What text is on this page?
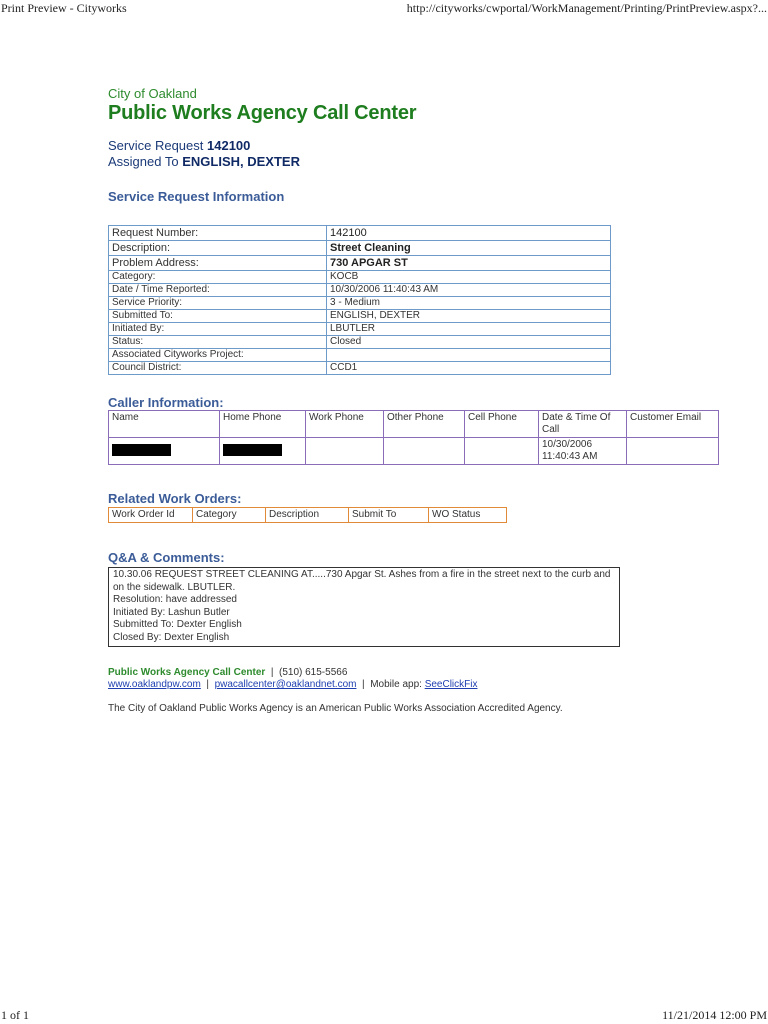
Print Preview - Cityworks	http://cityworks/cwportal/WorkManagement/Printing/PrintPreview.aspx?...
City of Oakland
Public Works Agency Call Center
Service Request 142100
Assigned To ENGLISH, DEXTER
Service Request Information
Request Number:	142100
Description:	Street Cleaning
Problem Address:	730 APGAR ST
Category:	KOCB
Date / Time Reported:	10/30/2006 11:40:43 AM
Service Priority:	3 - Medium
Submitted To:	ENGLISH, DEXTER
Initiated By:	LBUTLER
Status:	Closed
Associated Cityworks Project:	
Council District:	CCD1
Caller Information:
Name	Home Phone	Work Phone	Other Phone	Cell Phone	Date & Time Of Call	Customer Email

					10/30/2006
11:40:43 AM	

Related Work Orders:
Work Order Id	Category	Description	Submit To	WO Status
Q&A & Comments:
10.30.06 REQUEST STREET CLEANING AT.....730 Apgar St. Ashes from a fire in the street next to the curb and on the sidewalk. LBUTLER.
Resolution: have addressed
Initiated By: Lashun Butler
Submitted To: Dexter English
Closed By: Dexter English
Public Works Agency Call Center | (510) 615-5566
www.oaklandpw.com | pwacallcenter@oaklandnet.com | Mobile app: SeeClickFix
The City of Oakland Public Works Agency is an American Public Works Association Accredited Agency.
1 of 1	11/21/2014 12:00 PM
